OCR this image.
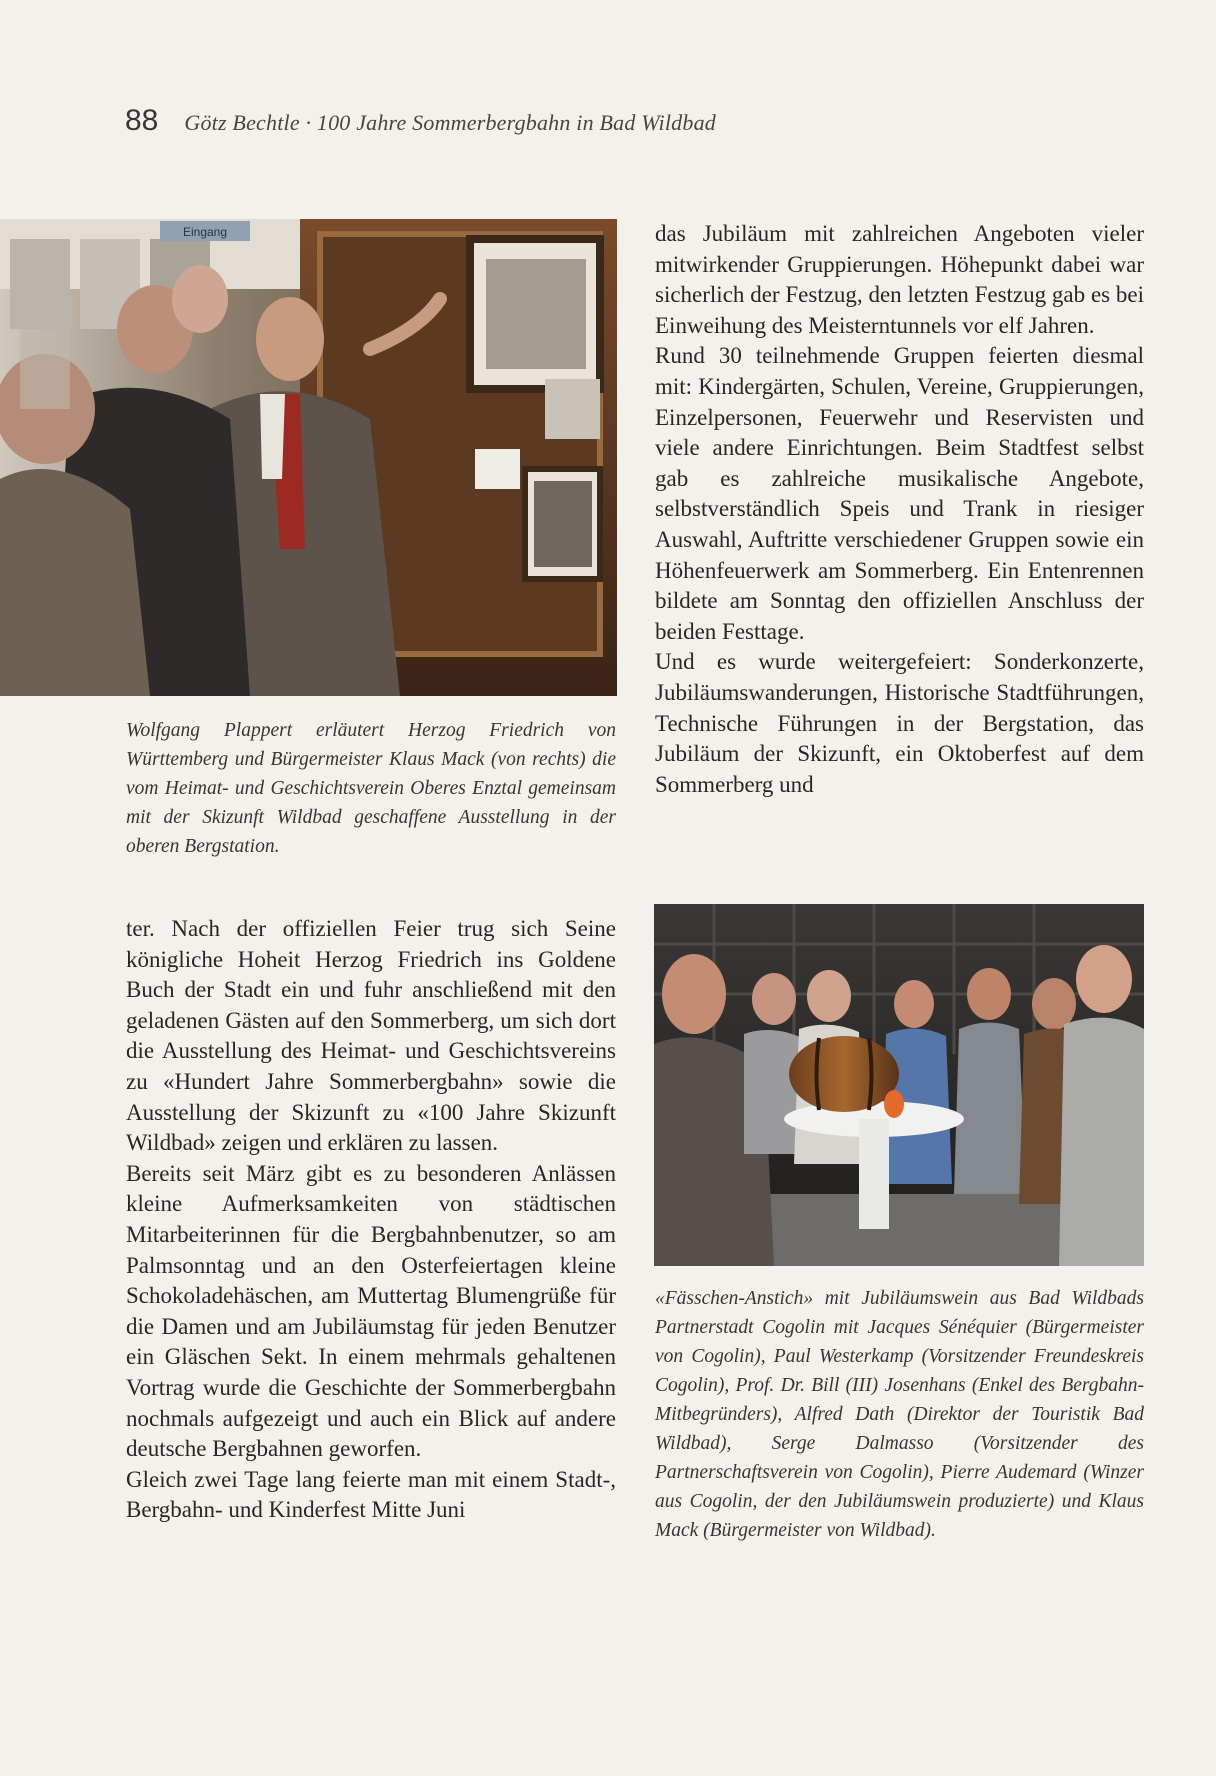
88 Götz Bechtle · 100 Jahre Sommerbergbahn in Bad Wildbad
Eingang
Wolfgang Plappert erläutert Herzog Friedrich von Württemberg und Bürgermeister Klaus Mack (von rechts) die vom Heimat- und Geschichtsverein Oberes Enztal gemeinsam mit der Skizunft Wildbad geschaffene Ausstellung in der oberen Bergstation.

das Jubiläum mit zahlreichen Angeboten vieler mitwirkender Gruppierungen. Höhepunkt dabei war sicherlich der Festzug, den letzten Festzug gab es bei Einweihung des Meisterntunnels vor elf Jahren.

Rund 30 teilnehmende Gruppen feierten diesmal mit: Kindergärten, Schulen, Vereine, Gruppierungen, Einzelpersonen, Feuerwehr und Reservisten und viele andere Einrichtungen. Beim Stadtfest selbst gab es zahlreiche musikalische Angebote, selbstverständlich Speis und Trank in riesiger Auswahl, Auftritte verschiedener Gruppen sowie ein Höhenfeuerwerk am Sommerberg. Ein Entenrennen bildete am Sonntag den offiziellen Anschluss der beiden Festtage.

Und es wurde weitergefeiert: Sonderkonzerte, Jubiläumswanderungen, Historische Stadtführungen, Technische Führungen in der Bergstation, das Jubiläum der Skizunft, ein Oktoberfest auf dem Sommerberg und

ter. Nach der offiziellen Feier trug sich Seine königliche Hoheit Herzog Friedrich ins Goldene Buch der Stadt ein und fuhr anschließend mit den geladenen Gästen auf den Sommerberg, um sich dort die Ausstellung des Heimat- und Geschichtsvereins zu «Hundert Jahre Sommerbergbahn» sowie die Ausstellung der Skizunft zu «100 Jahre Skizunft Wildbad» zeigen und erklären zu lassen.

Bereits seit März gibt es zu besonderen Anlässen kleine Aufmerksamkeiten von städtischen Mitarbeiterinnen für die Bergbahnbenutzer, so am Palmsonntag und an den Osterfeiertagen kleine Schokoladehäschen, am Muttertag Blumengrüße für die Damen und am Jubiläumstag für jeden Benutzer ein Gläschen Sekt. In einem mehrmals gehaltenen Vortrag wurde die Geschichte der Sommerbergbahn nochmals aufgezeigt und auch ein Blick auf andere deutsche Bergbahnen geworfen.

Gleich zwei Tage lang feierte man mit einem Stadt-, Bergbahn- und Kinderfest Mitte Juni

«Fässchen-Anstich» mit Jubiläumswein aus Bad Wildbads Partnerstadt Cogolin mit Jacques Sénéquier (Bürgermeister von Cogolin), Paul Westerkamp (Vorsitzender Freundeskreis Cogolin), Prof. Dr. Bill (III) Josenhans (Enkel des Bergbahn-Mitbegründers), Alfred Dath (Direktor der Touristik Bad Wildbad), Serge Dalmasso (Vorsitzender des Partnerschaftsverein von Cogolin), Pierre Audemard (Winzer aus Cogolin, der den Jubiläumswein produzierte) und Klaus Mack (Bürgermeister von Wildbad).
